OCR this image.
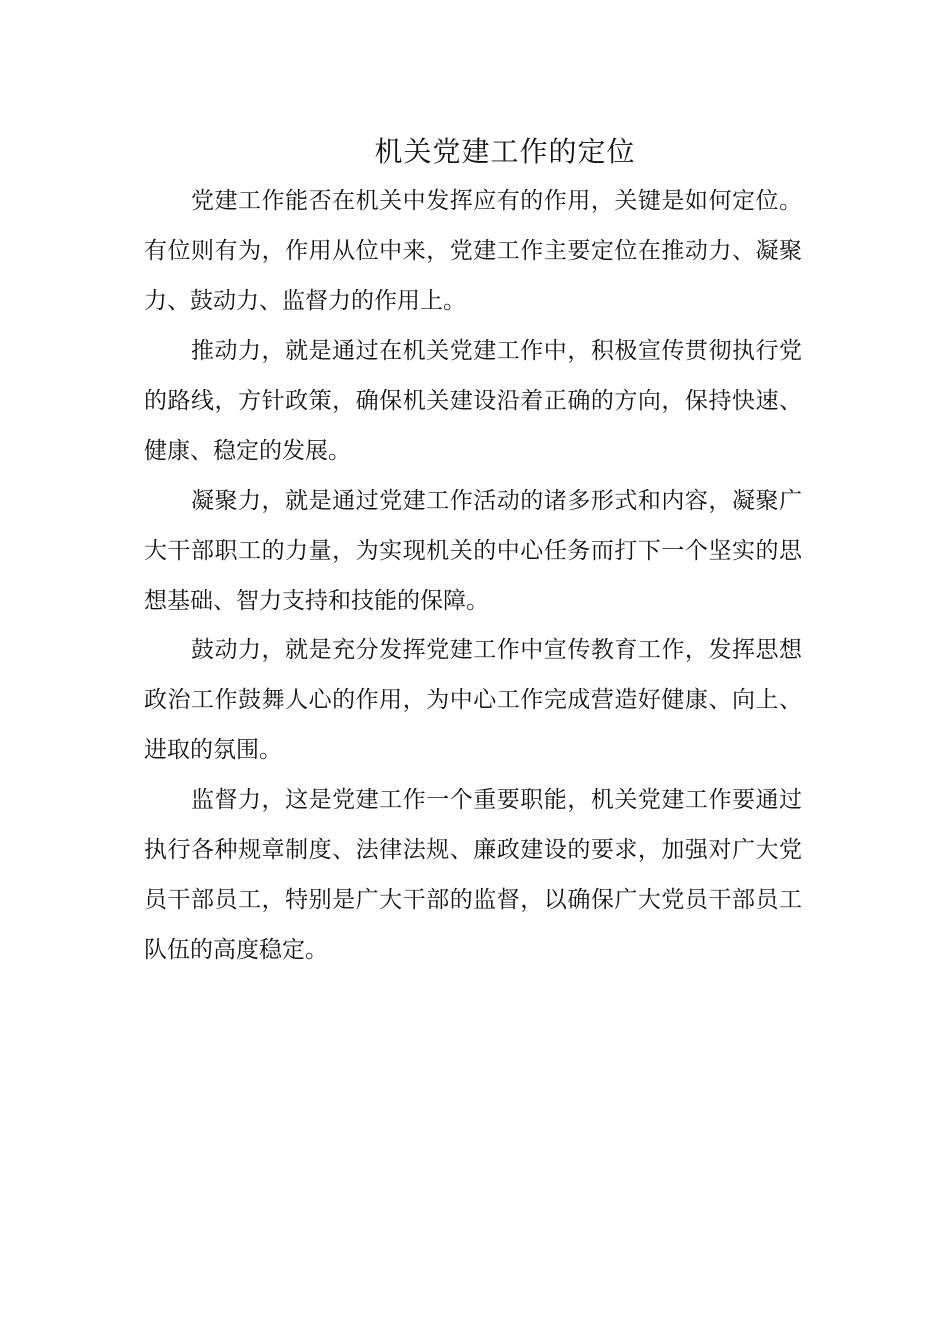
机关党建工作的定位

党建工作能否在机关中发挥应有的作用，关键是如何定位。

有位则有为，作用从位中来，党建工作主要定位在推动力、凝聚

力、鼓动力、监督力的作用上。

推动力，就是通过在机关党建工作中，积极宣传贯彻执行党

的路线，方针政策，确保机关建设沿着正确的方向，保持快速、

健康、稳定的发展。

凝聚力，就是通过党建工作活动的诸多形式和内容，凝聚广

大干部职工的力量，为实现机关的中心任务而打下一个坚实的思

想基础、智力支持和技能的保障。

鼓动力，就是充分发挥党建工作中宣传教育工作，发挥思想

政治工作鼓舞人心的作用，为中心工作完成营造好健康、向上、

进取的氛围。

监督力，这是党建工作一个重要职能，机关党建工作要通过

执行各种规章制度、法律法规、廉政建设的要求，加强对广大党

员干部员工，特别是广大干部的监督，以确保广大党员干部员工

队伍的高度稳定。
